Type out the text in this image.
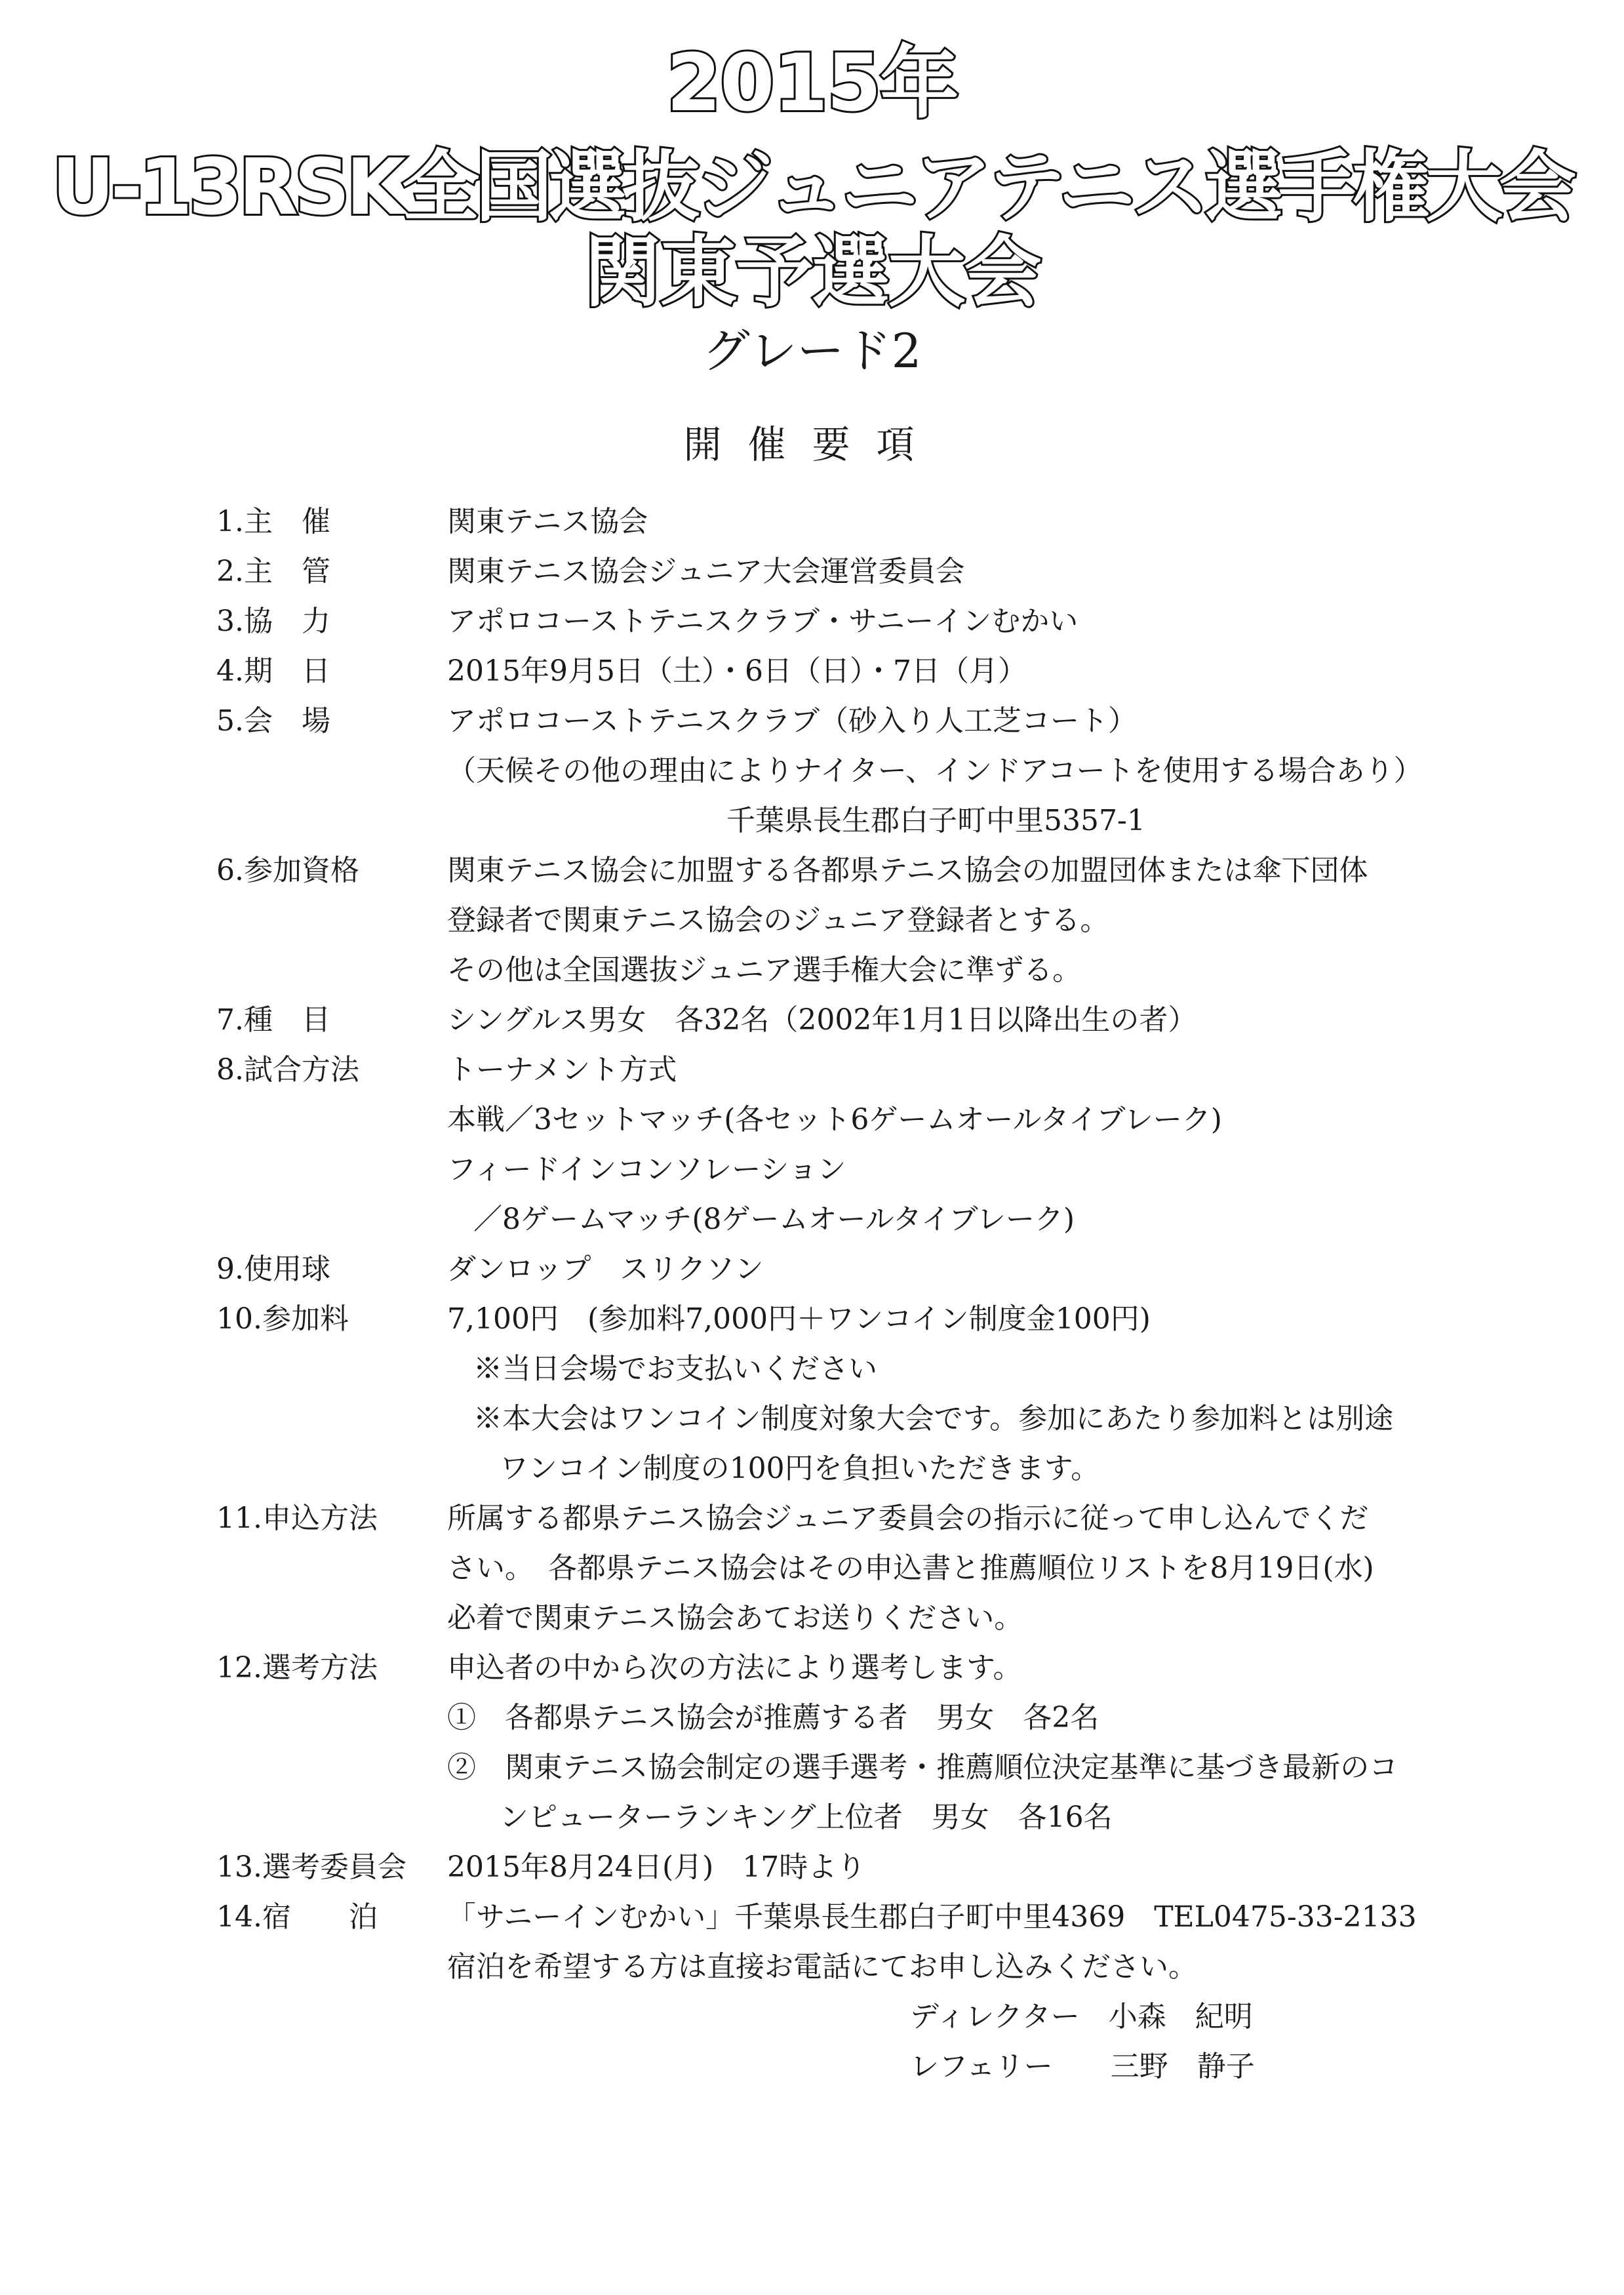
2015年
U-13RSK全国選抜ジュニアテニス選手権大会
関東予選大会
グレード2
開催要項
1.主　催	関東テニス協会
2.主　管	関東テニス協会ジュニア大会運営委員会
3.協　力	アポロコーストテニスクラブ・サニーインむかい
4.期　日	2015年9月5日（土）・6日（日）・7日（月）
5.会　場	アポロコーストテニスクラブ（砂入り人工芝コート）
（天候その他の理由によりナイター、インドアコートを使用する場合あり）
千葉県長生郡白子町中里5357-1
6.参加資格	関東テニス協会に加盟する各都県テニス協会の加盟団体または傘下団体
登録者で関東テニス協会のジュニア登録者とする。
その他は全国選抜ジュニア選手権大会に準ずる。
7.種　目	シングルス男女　各32名（2002年1月1日以降出生の者）
8.試合方法	トーナメント方式
本戦／3セットマッチ(各セット6ゲームオールタイブレーク)
フィードインコンソレーション
／8ゲームマッチ(8ゲームオールタイブレーク)
9.使用球	ダンロップ　スリクソン
10.参加料	7,100円　(参加料7,000円＋ワンコイン制度金100円)
※当日会場でお支払いください
※本大会はワンコイン制度対象大会です。参加にあたり参加料とは別途
ワンコイン制度の100円を負担いただきます。
11.申込方法	所属する都県テニス協会ジュニア委員会の指示に従って申し込んでくだ
さい。　各都県テニス協会はその申込書と推薦順位リストを8月19日(水)
必着で関東テニス協会あてお送りください。
12.選考方法	申込者の中から次の方法により選考します。
①　各都県テニス協会が推薦する者　男女　各2名
②　関東テニス協会制定の選手選考・推薦順位決定基準に基づき最新のコ
ンピューターランキング上位者　男女　各16名
13.選考委員会 2015年8月24日(月)　17時より
14.宿　　泊	「サニーインむかい」千葉県長生郡白子町中里4369　TEL0475-33-2133
宿泊を希望する方は直接お電話にてお申し込みください。
ディレクター　小森　紀明
レフェリー　　三野　静子
